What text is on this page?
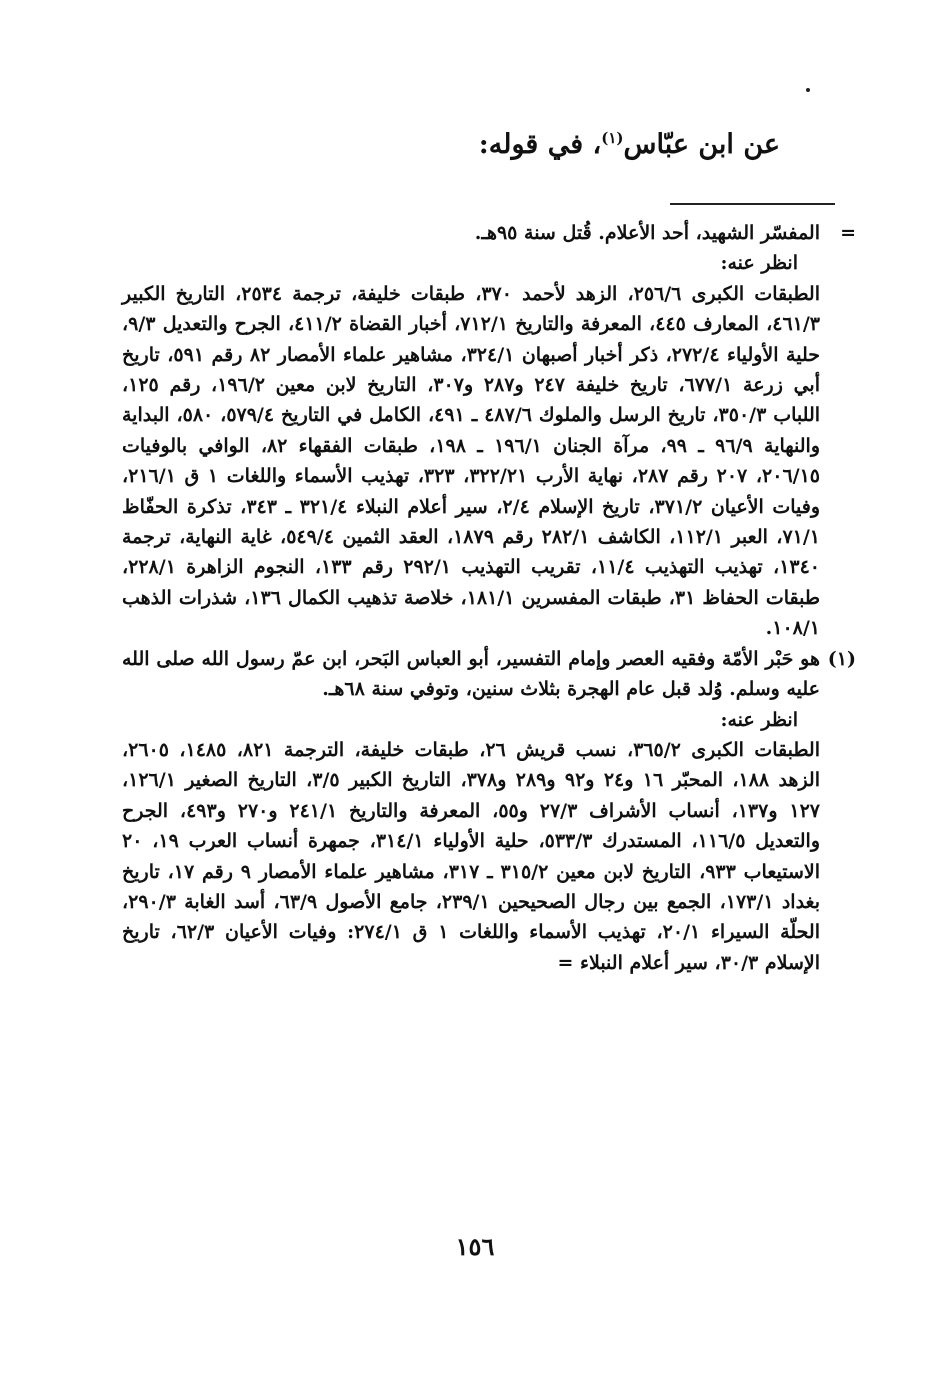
عن ابن عبّاس$^{(١)}$، في قوله:
=

المفسّر الشهيد، أحد الأعلام. قُتل سنة ٩٥هـ.

انظر عنه:

الطبقات الكبرى ٢٥٦/٦، الزهد لأحمد ٣٧٠، طبقات خليفة، ترجمة ٢٥٣٤، التاريخ الكبير ٤٦١/٣، المعارف ٤٤٥، المعرفة والتاريخ ٧١٢/١، أخبار القضاة ٤١١/٢، الجرح والتعديل ٩/٣، حلية الأولياء ٢٧٢/٤، ذكر أخبار أصبهان ٣٢٤/١، مشاهير علماء الأمصار ٨٢ رقم ٥٩١، تاريخ أبي زرعة ٦٧٧/١، تاريخ خليفة ٢٤٧ و٢٨٧ و٣٠٧، التاريخ لابن معين ١٩٦/٢، رقم ١٢٥، اللباب ٣٥٠/٣، تاريخ الرسل والملوك ٤٨٧/٦ ـ ٤٩١، الكامل في التاريخ ٥٧٩/٤، ٥٨٠، البداية والنهاية ٩٦/٩ ـ ٩٩، مرآة الجنان ١٩٦/١ ـ ١٩٨، طبقات الفقهاء ٨٢، الوافي بالوفيات ٢٠٦/١٥، ٢٠٧ رقم ٢٨٧، نهاية الأرب ٣٢٢/٢١، ٣٢٣، تهذيب الأسماء واللغات ١ ق ٢١٦/١، وفيات الأعيان ٣٧١/٢، تاريخ الإسلام ٢/٤، سير أعلام النبلاء ٣٢١/٤ ـ ٣٤٣، تذكرة الحفّاظ ٧١/١، العبر ١١٢/١، الكاشف ٢٨٢/١ رقم ١٨٧٩، العقد الثمين ٥٤٩/٤، غاية النهاية، ترجمة ١٣٤٠، تهذيب التهذيب ١١/٤، تقريب التهذيب ٢٩٢/١ رقم ١٣٣، النجوم الزاهرة ٢٢٨/١، طبقات الحفاظ ٣١، طبقات المفسرين ١٨١/١، خلاصة تذهيب الكمال ١٣٦، شذرات الذهب ١٠٨/١.

(١)

هو حَبْر الأمّة وفقيه العصر وإمام التفسير، أبو العباس البَحر، ابن عمّ رسول الله صلى الله عليه وسلم. وُلد قبل عام الهجرة بثلاث سنين، وتوفي سنة ٦٨هـ.

انظر عنه:

الطبقات الكبرى ٣٦٥/٢، نسب قريش ٢٦، طبقات خليفة، الترجمة ٨٢١، ١٤٨٥، ٢٦٠٥، الزهد ١٨٨، المحبّر ١٦ و٢٤ و٩٢ و٢٨٩ و٣٧٨، التاريخ الكبير ٣/٥، التاريخ الصغير ١٢٦/١، ١٢٧ و١٣٧، أنساب الأشراف ٢٧/٣ و٥٥، المعرفة والتاريخ ٢٤١/١ و٢٧٠ و٤٩٣، الجرح والتعديل ١١٦/٥، المستدرك ٥٣٣/٣، حلية الأولياء ٣١٤/١، جمهرة أنساب العرب ١٩، ٢٠ الاستيعاب ٩٣٣، التاريخ لابن معين ٣١٥/٢ ـ ٣١٧، مشاهير علماء الأمصار ٩ رقم ١٧، تاريخ بغداد ١٧٣/١، الجمع بين رجال الصحيحين ٢٣٩/١، جامع الأصول ٦٣/٩، أسد الغابة ٢٩٠/٣، الحلّة السيراء ٢٠/١، تهذيب الأسماء واللغات ١ ق ٢٧٤/١: وفيات الأعيان ٦٢/٣، تاريخ الإسلام ٣٠/٣، سير أعلام النبلاء =

١٥٦
